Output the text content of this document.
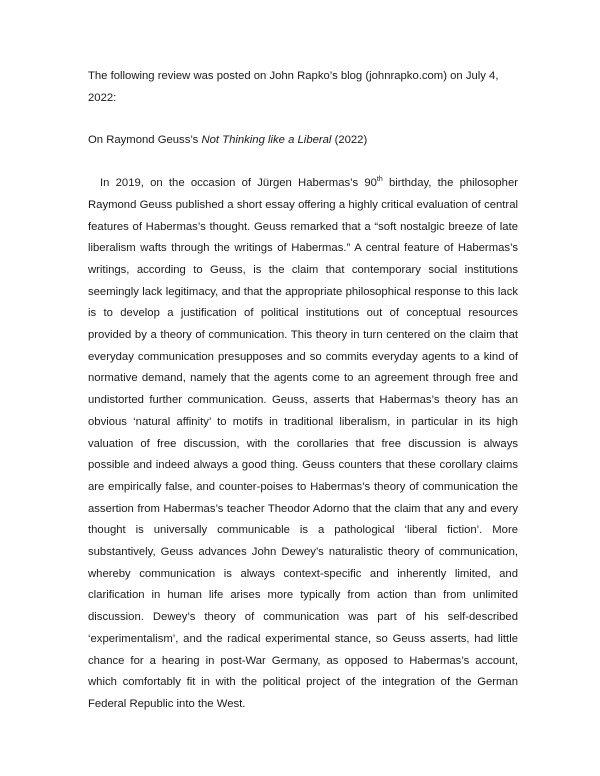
The following review was posted on John Rapko’s blog (johnrapko.com) on July 4, 2022:

On Raymond Geuss’s Not Thinking like a Liberal (2022)

In 2019, on the occasion of Jürgen Habermas’s 90th birthday, the philosopher Raymond Geuss published a short essay offering a highly critical evaluation of central features of Habermas’s thought. Geuss remarked that a “soft nostalgic breeze of late liberalism wafts through the writings of Habermas.” A central feature of Habermas’s writings, according to Geuss, is the claim that contemporary social institutions seemingly lack legitimacy, and that the appropriate philosophical response to this lack is to develop a justification of political institutions out of conceptual resources provided by a theory of communication. This theory in turn centered on the claim that everyday communication presupposes and so commits everyday agents to a kind of normative demand, namely that the agents come to an agreement through free and undistorted further communication. Geuss, asserts that Habermas’s theory has an obvious ‘natural affinity’ to motifs in traditional liberalism, in particular in its high valuation of free discussion, with the corollaries that free discussion is always possible and indeed always a good thing. Geuss counters that these corollary claims are empirically false, and counter-poises to Habermas’s theory of communication the assertion from Habermas’s teacher Theodor Adorno that the claim that any and every thought is universally communicable is a pathological ‘liberal fiction’. More substantively, Geuss advances John Dewey’s naturalistic theory of communication, whereby communication is always context-specific and inherently limited, and clarification in human life arises more typically from action than from unlimited discussion. Dewey’s theory of communication was part of his self-described ‘experimentalism’, and the radical experimental stance, so Geuss asserts, had little chance for a hearing in post-War Germany, as opposed to Habermas’s account, which comfortably fit in with the political project of the integration of the German Federal Republic into the West.
